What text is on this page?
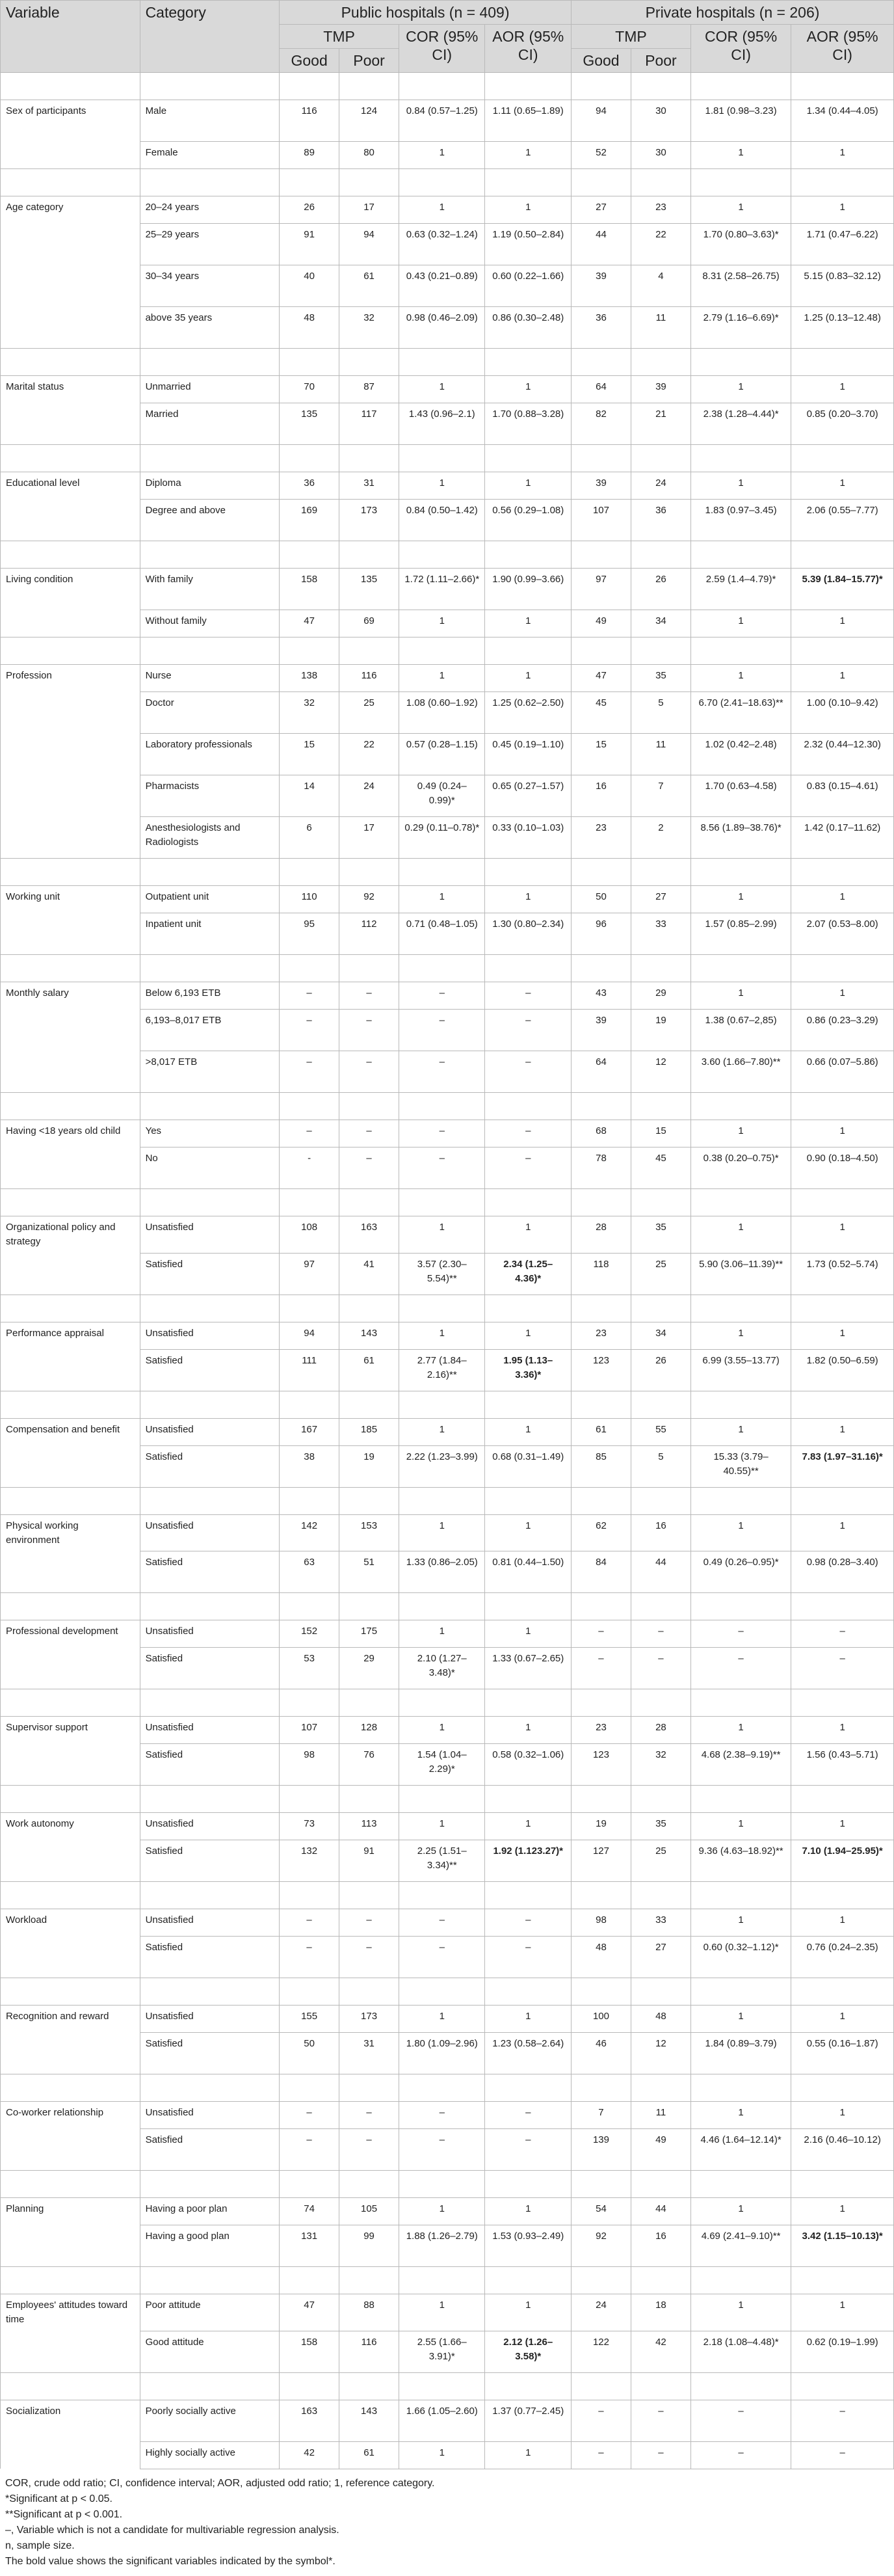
Variable	Category	Public hospitals (n = 409)				Private hospitals (n = 206)			
		TMP		COR (95% CI)	AOR (95% CI)	TMP		COR (95% CI)	AOR (95% CI)
		Good	Poor			Good	Poor		

Sex of participants	Male	116	124	0.84 (0.57–1.25)	1.11 (0.65–1.89)	94	30	1.81 (0.98–3.23)	1.34 (0.44–4.05)
	Female	89	80	1	1	52	30	1	1

Age category	20–24 years	26	17	1	1	27	23	1	1
	25–29 years	91	94	0.63 (0.32–1.24)	1.19 (0.50–2.84)	44	22	1.70 (0.80–3.63)*	1.71 (0.47–6.22)
	30–34 years	40	61	0.43 (0.21–0.89)	0.60 (0.22–1.66)	39	4	8.31 (2.58–26.75)	5.15 (0.83–32.12)
	above 35 years	48	32	0.98 (0.46–2.09)	0.86 (0.30–2.48)	36	11	2.79 (1.16–6.69)*	1.25 (0.13–12.48)

Marital status	Unmarried	70	87	1	1	64	39	1	1
	Married	135	117	1.43 (0.96–2.1)	1.70 (0.88–3.28)	82	21	2.38 (1.28–4.44)*	0.85 (0.20–3.70)

Educational level	Diploma	36	31	1	1	39	24	1	1
	Degree and above	169	173	0.84 (0.50–1.42)	0.56 (0.29–1.08)	107	36	1.83 (0.97–3.45)	2.06 (0.55–7.77)

Living condition	With family	158	135	1.72 (1.11–2.66)*	1.90 (0.99–3.66)	97	26	2.59 (1.4–4.79)*	5.39 (1.84–15.77)*
	Without family	47	69	1	1	49	34	1	1

Profession	Nurse	138	116	1	1	47	35	1	1
	Doctor	32	25	1.08 (0.60–1.92)	1.25 (0.62–2.50)	45	5	6.70 (2.41–18.63)**	1.00 (0.10–9.42)
	Laboratory professionals	15	22	0.57 (0.28–1.15)	0.45 (0.19–1.10)	15	11	1.02 (0.42–2.48)	2.32 (0.44–12.30)
	Pharmacists	14	24	0.49 (0.24–0.99)*	0.65 (0.27–1.57)	16	7	1.70 (0.63–4.58)	0.83 (0.15–4.61)
	Anesthesiologists and Radiologists	6	17	0.29 (0.11–0.78)*	0.33 (0.10–1.03)	23	2	8.56 (1.89–38.76)*	1.42 (0.17–11.62)

Working unit	Outpatient unit	110	92	1	1	50	27	1	1
	Inpatient unit	95	112	0.71 (0.48–1.05)	1.30 (0.80–2.34)	96	33	1.57 (0.85–2.99)	2.07 (0.53–8.00)

Monthly salary	Below 6,193 ETB	–	–	–	–	43	29	1	1
	6,193–8,017 ETB	–	–	–	–	39	19	1.38 (0.67–2,85)	0.86 (0.23–3.29)
	>8,017 ETB	–	–	–	–	64	12	3.60 (1.66–7.80)**	0.66 (0.07–5.86)

Having <18 years old child	Yes	–	–	–	–	68	15	1	1
	No	-	–	–	–	78	45	0.38 (0.20–0.75)*	0.90 (0.18–4.50)

Organizational policy and strategy	Unsatisfied	108	163	1	1	28	35	1	1
	Satisfied	97	41	3.57 (2.30–5.54)**	2.34 (1.25–4.36)*	118	25	5.90 (3.06–11.39)**	1.73 (0.52–5.74)

Performance appraisal	Unsatisfied	94	143	1	1	23	34	1	1
	Satisfied	111	61	2.77 (1.84–2.16)**	1.95 (1.13–3.36)*	123	26	6.99 (3.55–13.77)	1.82 (0.50–6.59)

Compensation and benefit	Unsatisfied	167	185	1	1	61	55	1	1
	Satisfied	38	19	2.22 (1.23–3.99)	0.68 (0.31–1.49)	85	5	15.33 (3.79–40.55)**	7.83 (1.97–31.16)*

Physical working environment	Unsatisfied	142	153	1	1	62	16	1	1
	Satisfied	63	51	1.33 (0.86–2.05)	0.81 (0.44–1.50)	84	44	0.49 (0.26–0.95)*	0.98 (0.28–3.40)

Professional development	Unsatisfied	152	175	1	1	–	–	–	–
	Satisfied	53	29	2.10 (1.27–3.48)*	1.33 (0.67–2.65)	–	–	–	–

Supervisor support	Unsatisfied	107	128	1	1	23	28	1	1
	Satisfied	98	76	1.54 (1.04–2.29)*	0.58 (0.32–1.06)	123	32	4.68 (2.38–9.19)**	1.56 (0.43–5.71)

Work autonomy	Unsatisfied	73	113	1	1	19	35	1	1
	Satisfied	132	91	2.25 (1.51–3.34)**	1.92 (1.123.27)*	127	25	9.36 (4.63–18.92)**	7.10 (1.94–25.95)*

Workload	Unsatisfied	–	–	–	–	98	33	1	1
	Satisfied	–	–	–	–	48	27	0.60 (0.32–1.12)*	0.76 (0.24–2.35)

Recognition and reward	Unsatisfied	155	173	1	1	100	48	1	1
	Satisfied	50	31	1.80 (1.09–2.96)	1.23 (0.58–2.64)	46	12	1.84 (0.89–3.79)	0.55 (0.16–1.87)

Co-worker relationship	Unsatisfied	–	–	–	–	7	11	1	1
	Satisfied	–	–	–	–	139	49	4.46 (1.64–12.14)*	2.16 (0.46–10.12)

Planning	Having a poor plan	74	105	1	1	54	44	1	1
	Having a good plan	131	99	1.88 (1.26–2.79)	1.53 (0.93–2.49)	92	16	4.69 (2.41–9.10)**	3.42 (1.15–10.13)*

Employees' attitudes toward time	Poor attitude	47	88	1	1	24	18	1	1
	Good attitude	158	116	2.55 (1.66–3.91)*	2.12 (1.26–3.58)*	122	42	2.18 (1.08–4.48)*	0.62 (0.19–1.99)

Socialization	Poorly socially active	163	143	1.66 (1.05–2.60)	1.37 (0.77–2.45)	–	–	–	–
	Highly socially active	42	61	1	1	–	–	–	–
COR, crude odd ratio; CI, confidence interval; AOR, adjusted odd ratio; 1, reference category.
*Significant at p < 0.05.
**Significant at p < 0.001.
–, Variable which is not a candidate for multivariable regression analysis.
n, sample size.
The bold value shows the significant variables indicated by the symbol*.
